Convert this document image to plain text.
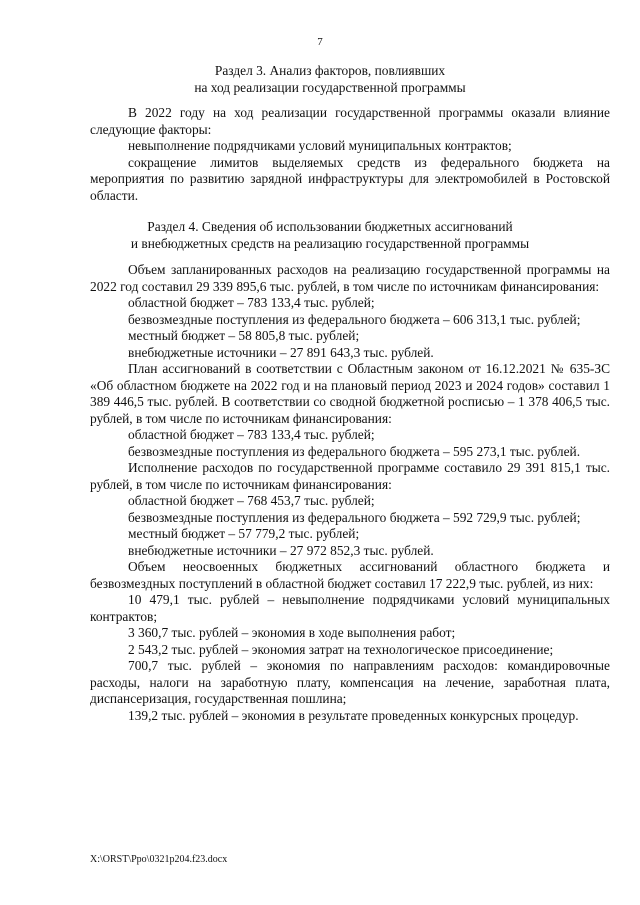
7
Раздел 3. Анализ факторов, повлиявших
на ход реализации государственной программы

В 2022 году на ход реализации государственной программы оказали влияние следующие факторы:

невыполнение подрядчиками условий муниципальных контрактов;

сокращение лимитов выделяемых средств из федерального бюджета на мероприятия по развитию зарядной инфраструктуры для электромобилей в Ростовской области.

Раздел 4. Сведения об использовании бюджетных ассигнований
и внебюджетных средств на реализацию государственной программы

Объем запланированных расходов на реализацию государственной программы на 2022 год составил 29 339 895,6 тыс. рублей, в том числе по источникам финансирования:

областной бюджет – 783 133,4 тыс. рублей;

безвозмездные поступления из федерального бюджета – 606 313,1 тыс. рублей;

местный бюджет – 58 805,8 тыс. рублей;

внебюджетные источники – 27 891 643,3 тыс. рублей.

План ассигнований в соответствии с Областным законом от 16.12.2021 № 635-ЗС «Об областном бюджете на 2022 год и на плановый период 2023 и 2024 годов» составил 1 389 446,5 тыс. рублей. В соответствии со сводной бюджетной росписью – 1 378 406,5 тыс. рублей, в том числе по источникам финансирования:

областной бюджет – 783 133,4 тыс. рублей;

безвозмездные поступления из федерального бюджета – 595 273,1 тыс. рублей.

Исполнение расходов по государственной программе составило 29 391 815,1 тыс. рублей, в том числе по источникам финансирования:

областной бюджет – 768 453,7 тыс. рублей;

безвозмездные поступления из федерального бюджета – 592 729,9 тыс. рублей;

местный бюджет – 57 779,2 тыс. рублей;

внебюджетные источники – 27 972 852,3 тыс. рублей.

Объем неосвоенных бюджетных ассигнований областного бюджета и безвозмездных поступлений в областной бюджет составил 17 222,9 тыс. рублей, из них:

10 479,1 тыс. рублей – невыполнение подрядчиками условий муниципальных контрактов;

3 360,7 тыс. рублей – экономия в ходе выполнения работ;

2 543,2 тыс. рублей – экономия затрат на технологическое присоединение;

700,7 тыс. рублей – экономия по направлениям расходов: командировочные расходы, налоги на заработную плату, компенсация на лечение, заработная плата, диспансеризация, государственная пошлина;

139,2 тыс. рублей – экономия в результате проведенных конкурсных процедур.

X:\ORST\Ppo\0321p204.f23.docx
